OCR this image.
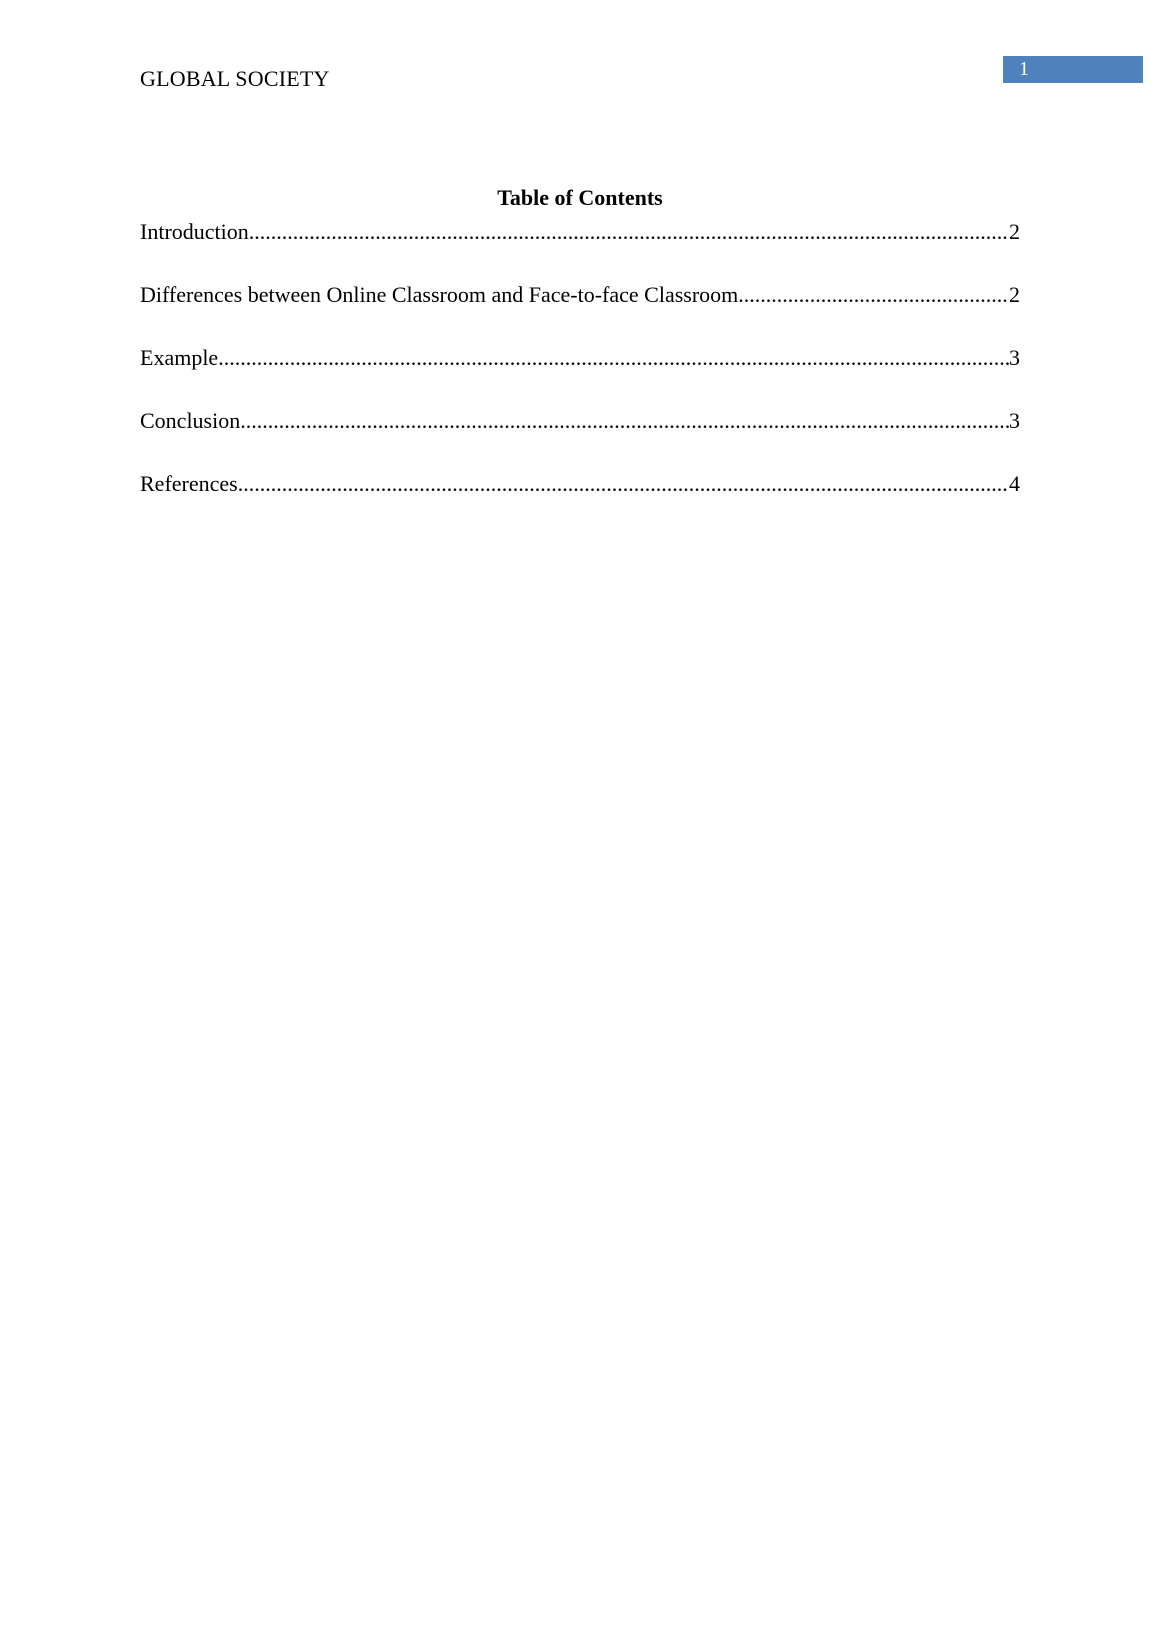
GLOBAL SOCIETY	1
Table of Contents
Introduction .....	2
Differences between Online Classroom and Face-to-face Classroom .....	2
Example .....	3
Conclusion .....	3
References .....	4
